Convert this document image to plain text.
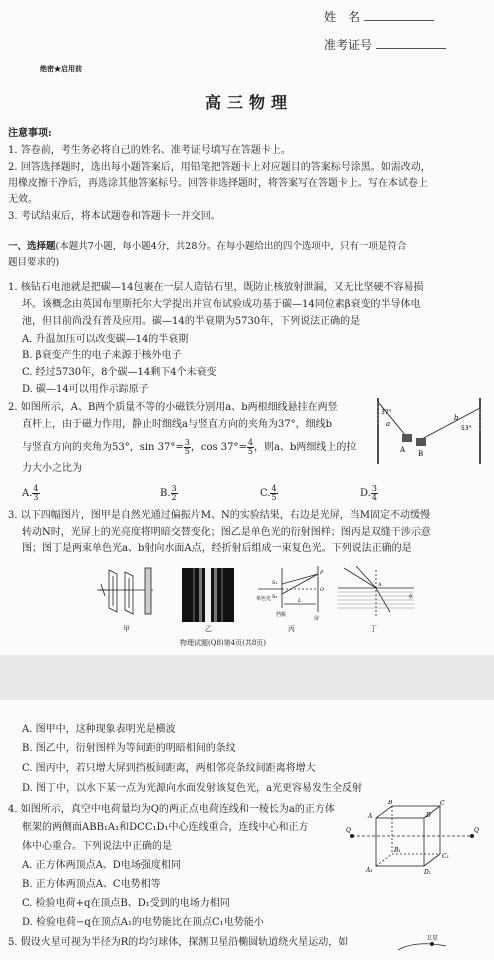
姓　名
准考证号
绝密★启用前
高三物理
注意事项:
1. 答卷前，考生务必将自己的姓名、准考证号填写在答题卡上。
2. 回答选择题时，选出每小题答案后，用铅笔把答题卡上对应题目的答案标号涂黑。如需改动，
用橡皮擦干净后，再选涂其他答案标号。回答非选择题时，将答案写在答题卡上。写在本试卷上
无效。
3. 考试结束后，将本试题卷和答题卡一并交回。
一、选择题(本题共7小题，每小题4分，共28分。在每小题给出的四个选项中，只有一项是符合
题目要求的)
1. 核钻石电池就是把碳—14包裹在一层人造钻石里，既防止核放射泄漏，又无比坚硬不容易损
坏。该概念由英国布里斯托尔大学提出并宣布试验成功基于碳—14同位素β衰变的半导体电
池，但目前尚没有普及应用。碳—14的半衰期为5730年，下列说法正确的是
A. 升温加压可以改变碳—14的半衰期
B. β衰变产生的电子来源于核外电子
C. 经过5730年，8个碳—14剩下4个未衰变
D. 碳—14可以用作示踪原子
2. 如图所示，A、B两个质量不等的小磁铁分别用a、b两根细线悬挂在两竖
直杆上，由于磁力作用，静止时细线a与竖直方向的夹角为37°，细线b
与竖直方向的夹角为53°，$\sin 37^\circ= \frac{3}{5}$ ，$\cos 37^\circ= \frac{4}{5}$ ，则a、b两细线上的拉
力大小之比为
A. $\frac{4}{3}$	B. $\frac{3}{2}$	C. $\frac{4}{5}$	D. $\frac{3}{4}$
37°
53°
a
b
A B
3. 以下四幅图片，图甲是自然光通过偏振片M、N的实验结果，右边是光屏，当M固定不动缓慢
转动N时，光屏上的光亮度将明暗交替变化；图乙是单色光的衍射图样；图丙是双缝干涉示意
图；图丁是两束单色光a、b射向水面A点，经折射后组成一束复色光。下列说法正确的是
S₁
S₂
单色光
P
O
L
挡板
屏
A
水
甲	乙	丙	丁
物理试题(Q8)第4页(共8页)
A. 图甲中，这种现象表明光是横波
B. 图乙中，衍射图样为等间距的明暗相间的条纹
C. 图丙中，若只增大屏到挡板间距离，两相邻亮条纹间距离将增大
D. 图丁中，以水下某一点为光源向水面发射该复色光，a光更容易发生全反射
4. 如图所示，真空中电荷量均为Q的两正点电荷连线和一棱长为a的正方体
框架的两侧面ABB₁A₁和DCC₁D₁中心连线重合，连线中心和正方
体中心重合。下列说法中正确的是
A. 正方体两顶点A、D电场强度相同
B. 正方体两顶点A、C电势相等
C. 检验电荷+q在顶点B、D₁受到的电场力相同
D. 检验电荷−q在顶点A₁的电势能比在顶点C₁电势能小
Q	Q
B	C
A	D
B₁
C₁
A₁	D₁
5. 假设火星可视为半径为R的均匀球体，探测卫星沿椭圆轨道绕火星运动，如	卫星
